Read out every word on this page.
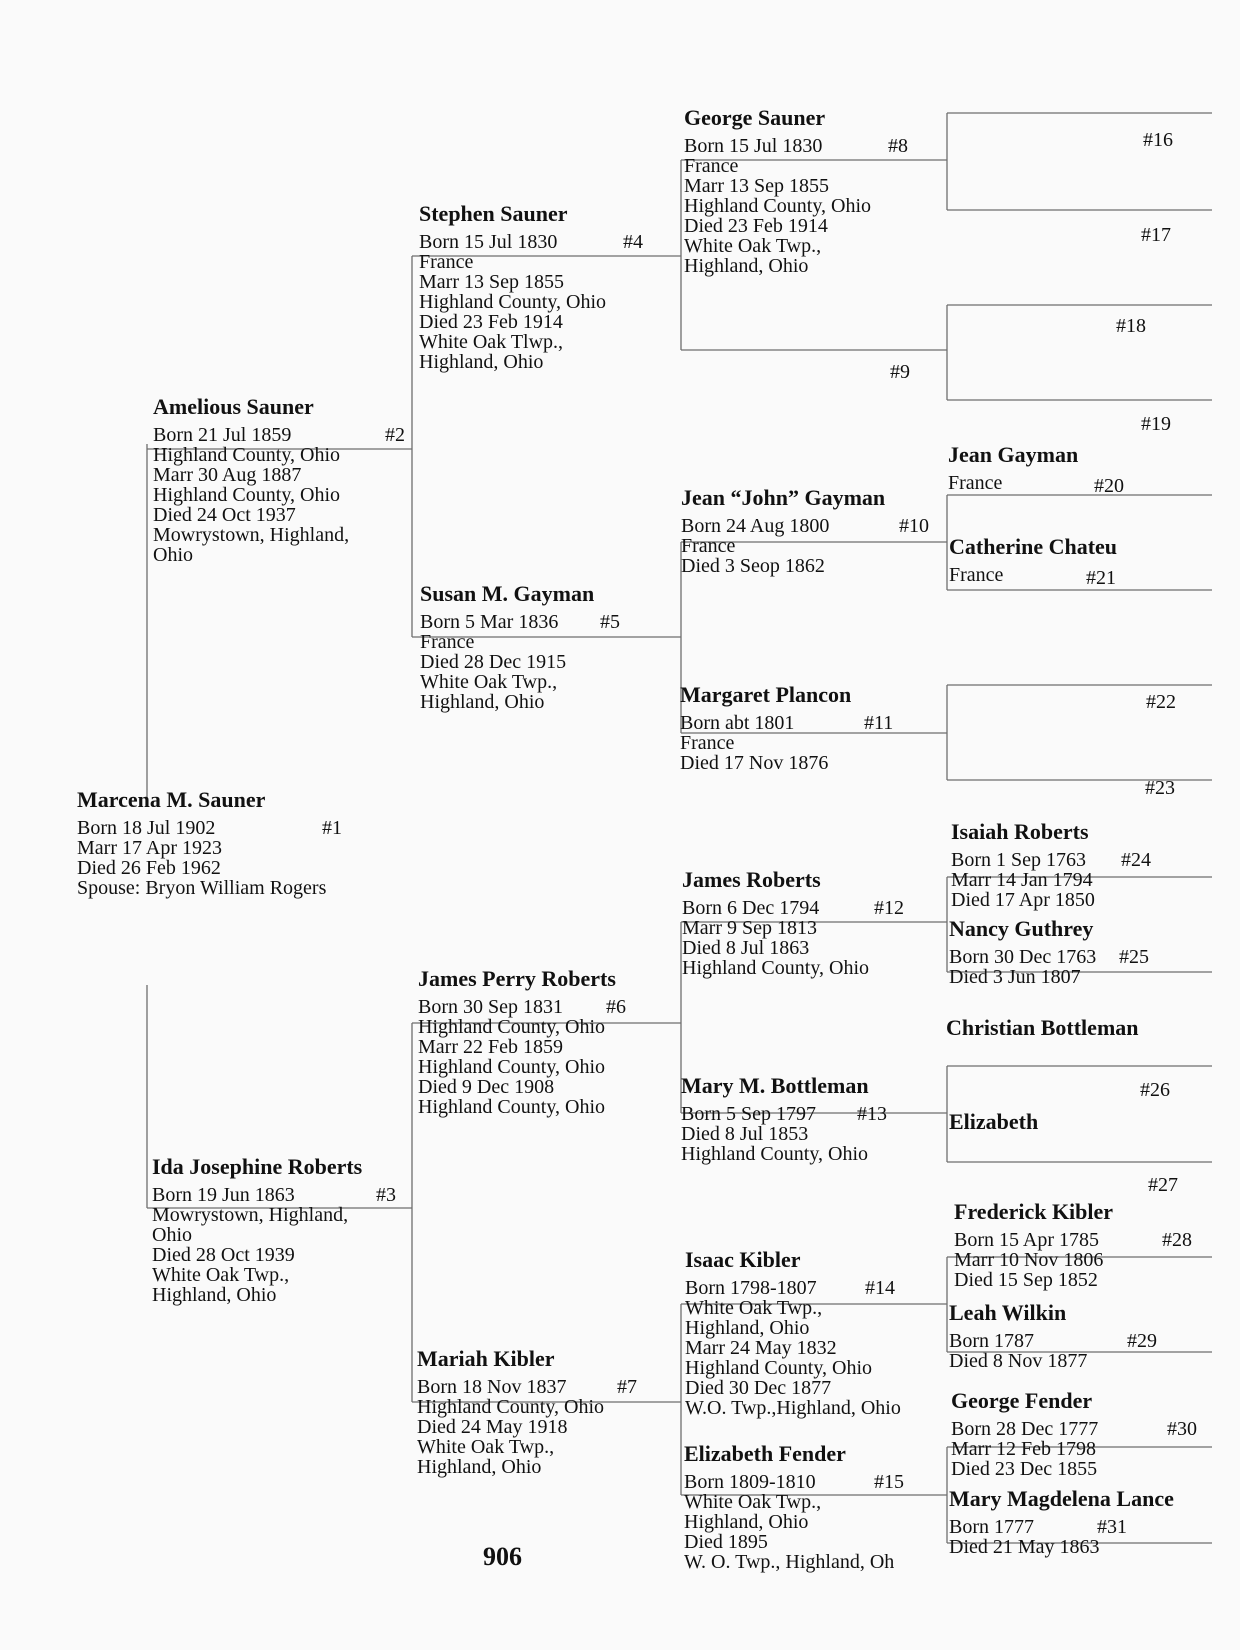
Marcena M. Sauner
Born 18 Jul 1902
Marr 17 Apr 1923
Died 26 Feb 1962
Spouse: Bryon William Rogers
#1
Amelious Sauner
Born 21 Jul 1859
Highland County, Ohio
Marr 30 Aug 1887
Highland County, Ohio
Died 24 Oct 1937
Mowrystown, Highland,
Ohio
#2
Ida Josephine Roberts
Born 19 Jun 1863
Mowrystown, Highland,
Ohio
Died 28 Oct 1939
White Oak Twp.,
Highland, Ohio
#3
Stephen Sauner
Born 15 Jul 1830
France
Marr 13 Sep 1855
Highland County, Ohio
Died 23 Feb 1914
White Oak Tlwp.,
Highland, Ohio
#4
Susan M. Gayman
Born 5 Mar 1836
France
Died 28 Dec 1915
White Oak Twp.,
Highland, Ohio
#5
James Perry Roberts
Born 30 Sep 1831
Highland County, Ohio
Marr 22 Feb 1859
Highland County, Ohio
Died 9 Dec 1908
Highland County, Ohio
#6
Mariah Kibler
Born 18 Nov 1837
Highland County, Ohio
Died 24 May 1918
White Oak Twp.,
Highland, Ohio
#7
George Sauner
Born 15 Jul 1830
France
Marr 13 Sep 1855
Highland County, Ohio
Died 23 Feb 1914
White Oak Twp.,
Highland, Ohio
#8
Jean “John” Gayman
Born 24 Aug 1800
France
Died 3 Seop 1862
#10
Margaret Plancon
Born abt 1801
France
Died 17 Nov 1876
#11
James Roberts
Born 6 Dec 1794
Marr 9 Sep 1813
Died 8 Jul 1863
Highland County, Ohio
#12
Mary M. Bottleman
Born 5 Sep 1797
Died 8 Jul 1853
Highland County, Ohio
#13
Isaac Kibler
Born 1798-1807
White Oak Twp.,
Highland, Ohio
Marr 24 May 1832
Highland County, Ohio
Died 30 Dec 1877
W.O. Twp.,Highland, Ohio
#14
Elizabeth Fender
Born 1809-1810
White Oak Twp.,
Highland, Ohio
Died 1895
W. O. Twp., Highland, Oh
#15
Jean Gayman
France	#20
Catherine Chateu
France	#21
Isaiah Roberts
Born 1 Sep 1763
Marr 14 Jan 1794
Died 17 Apr 1850
#24
Nancy Guthrey
Born 30 Dec 1763
Died 3 Jun 1807
#25
#26
Christian Bottleman
#27
Elizabeth
Frederick Kibler
Born 15 Apr 1785
Marr 10 Nov 1806
Died 15 Sep 1852
#28
Leah Wilkin
Born 1787
Died 8 Nov 1877
#29
George Fender
Born 28 Dec 1777
Marr 12 Feb 1798
Died 23 Dec 1855
#30
Mary Magdelena Lance
Born 1777
Died 21 May 1863
#31
#9
#16
#17
#18
#19
#22
#23
906
